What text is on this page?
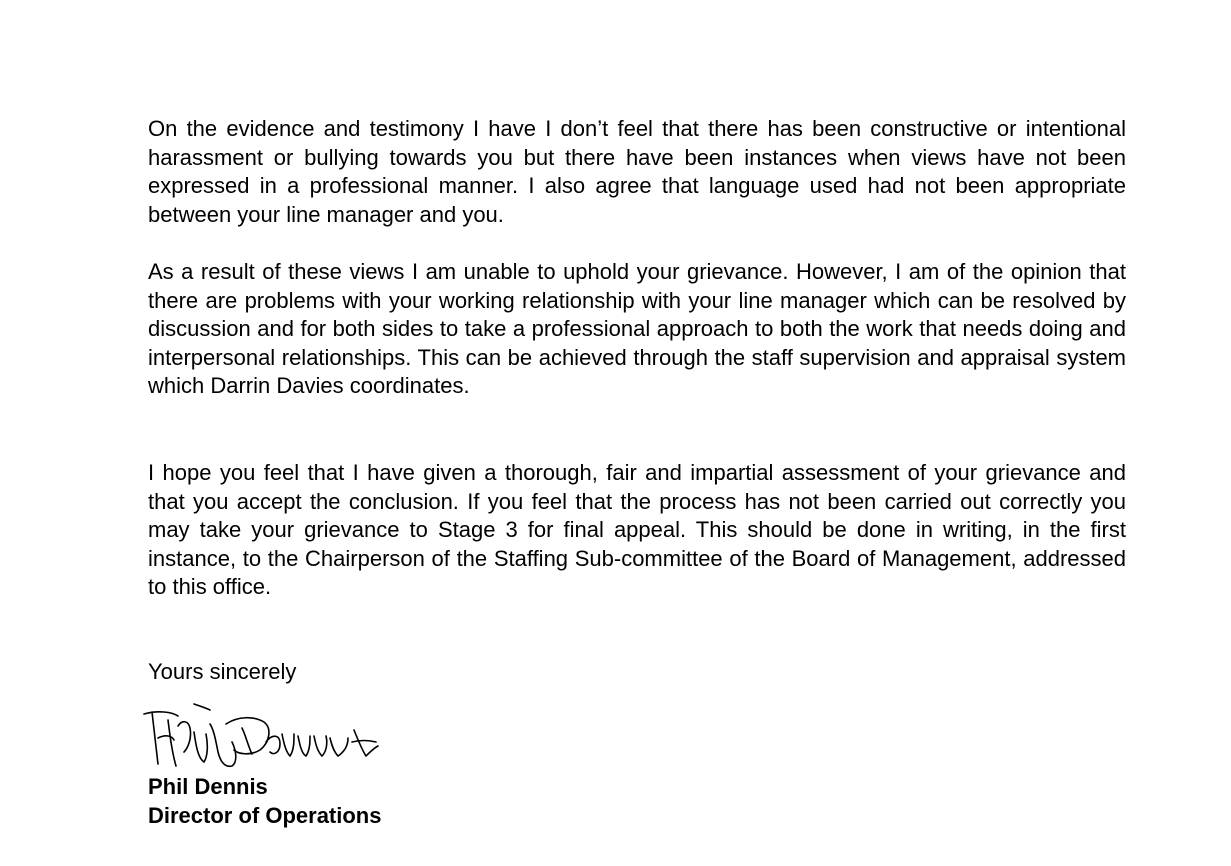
On the evidence and testimony I have I don’t feel that there has been constructive or intentional harassment or bullying towards you but there have been instances when views have not been expressed in a professional manner. I also agree that language used had not been appropriate between your line manager and you.

As a result of these views I am unable to uphold your grievance. However, I am of the opinion that there are problems with your working relationship with your line manager which can be resolved by discussion and for both sides to take a professional approach to both the work that needs doing and interpersonal relationships. This can be achieved through the staff supervision and appraisal system which Darrin Davies coordinates.

I hope you feel that I have given a thorough, fair and impartial assessment of your grievance and that you accept the conclusion. If you feel that the process has not been carried out correctly you may take your grievance to Stage 3 for final appeal. This should be done in writing, in the first instance, to the Chairperson of the Staffing Sub-committee of the Board of Management, addressed to this office.

Yours sincerely

Phil Dennis

Director of Operations
